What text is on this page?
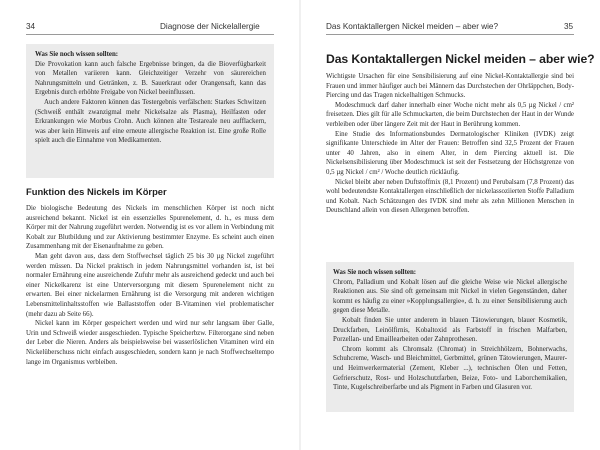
34	Diagnose der Nickelallergie
Was Sie noch wissen sollten:

Die Provokation kann auch falsche Ergebnisse bringen, da die Bioverfügbarkeit von Metallen variieren kann. Gleichzeitiger Verzehr von säurereichen Nahrungsmitteln und Getränken, z. B. Sauerkraut oder Orangensaft, kann das Ergebnis durch erhöhte Freigabe von Nickel beeinflussen.

Auch andere Faktoren können das Testergebnis verfälschen: Starkes Schwitzen (Schweiß enthält zwanzigmal mehr Nickelsalze als Plasma), Heilfasten oder Erkrankungen wie Morbus Crohn. Auch können alte Testareale neu aufflackern, was aber kein Hinweis auf eine erneute allergische Reaktion ist. Eine große Rolle spielt auch die Einnahme von Medikamenten.

Funktion des Nickels im Körper

Die biologische Bedeutung des Nickels im menschlichen Körper ist noch nicht ausreichend bekannt. Nickel ist ein essenzielles Spurenelement, d. h., es muss dem Körper mit der Nahrung zugeführt werden. Notwendig ist es vor allem in Verbindung mit Kobalt zur Blutbildung und zur Aktivierung bestimmter Enzyme. Es scheint auch einen Zusammenhang mit der Eisenaufnahme zu geben.

Man geht davon aus, dass dem Stoffwechsel täglich 25 bis 30 µg Nickel zugeführt werden müssen. Da Nickel praktisch in jedem Nahrungsmittel vorhanden ist, ist bei normaler Ernährung eine ausreichende Zufuhr mehr als ausreichend gedeckt und auch bei einer Nickelkarenz ist eine Unterversorgung mit diesem Spurenelement nicht zu erwarten. Bei einer nickelarmen Ernährung ist die Versorgung mit anderen wichtigen Lebensmittelinhaltsstoffen wie Ballaststoffen oder B-Vitaminen viel problematischer (mehr dazu ab Seite 66).

Nickel kann im Körper gespeichert werden und wird nur sehr langsam über Galle, Urin und Schweiß wieder ausgeschieden. Typische Speicherbzw. Filterorgane sind neben der Leber die Nieren. Anders als beispielsweise bei wasserlöslichen Vitaminen wird ein Nickelüberschuss nicht einfach ausgeschieden, sondern kann je nach Stoffwechseltempo lange im Organismus verbleiben.

Das Kontaktallergen Nickel meiden – aber wie?	35
Das Kontaktallergen Nickel meiden – aber wie?

Wichtigste Ursachen für eine Sensibilisierung auf eine Nickel-Kontaktallergie sind bei Frauen und immer häufiger auch bei Männern das Durchstechen der Ohrläppchen, Body-Piercing und das Tragen nickelhaltigen Schmucks.

Modeschmuck darf daher innerhalb einer Woche nicht mehr als 0,5 µg Nickel / cm² freisetzen. Dies gilt für alle Schmuckarten, die beim Durchstechen der Haut in der Wunde verbleiben oder über längere Zeit mit der Haut in Berührung kommen.

Eine Studie des Informationsbundes Dermatologischer Kliniken (IVDK) zeigt signifikante Unterschiede im Alter der Frauen: Betroffen sind 32,5 Prozent der Frauen unter 40 Jahren, also in einem Alter, in dem Piercing aktuell ist. Die Nickelsensibilisierung über Modeschmuck ist seit der Festsetzung der Höchstgrenze von 0,5 µg Nickel / cm² / Woche deutlich rückläufig.

Nickel bleibt aber neben Duftstoffmix (8,1 Prozent) und Perubalsam (7,8 Prozent) das wohl bedeutendste Kontaktallergen einschließlich der nickelassoziierten Stoffe Palladium und Kobalt. Nach Schätzungen des IVDK sind mehr als zehn Millionen Menschen in Deutschland allein von diesen Allergenen betroffen.

Was Sie noch wissen sollten:

Chrom, Palladium und Kobalt lösen auf die gleiche Weise wie Nickel allergische Reaktionen aus. Sie sind oft gemeinsam mit Nickel in vielen Gegenständen, daher kommt es häufig zu einer »Kopplungsallergie«, d. h. zu einer Sensibilisierung auch gegen diese Metalle.

Kobalt finden Sie unter anderem in blauen Tätowierungen, blauer Kosmetik, Druckfarben, Leinölfirnis, Kobaltoxid als Farbstoff in frischen Malfarben, Porzellan- und Emaillearbeiten oder Zahnprothesen.

Chrom kommt als Chromsalz (Chromat) in Streichhölzern, Bohnerwachs, Schuhcreme, Wasch- und Bleichmittel, Gerbmittel, grünen Tätowierungen, Maurer- und Heimwerkermaterial (Zement, Kleber ...), technischen Ölen und Fetten, Gefrierschutz, Rost- und Holzschutzfarben, Beize, Foto- und Laborchemikalien, Tinte, Kugelschreiberfarbe und als Pigment in Farben und Glasuren vor.
